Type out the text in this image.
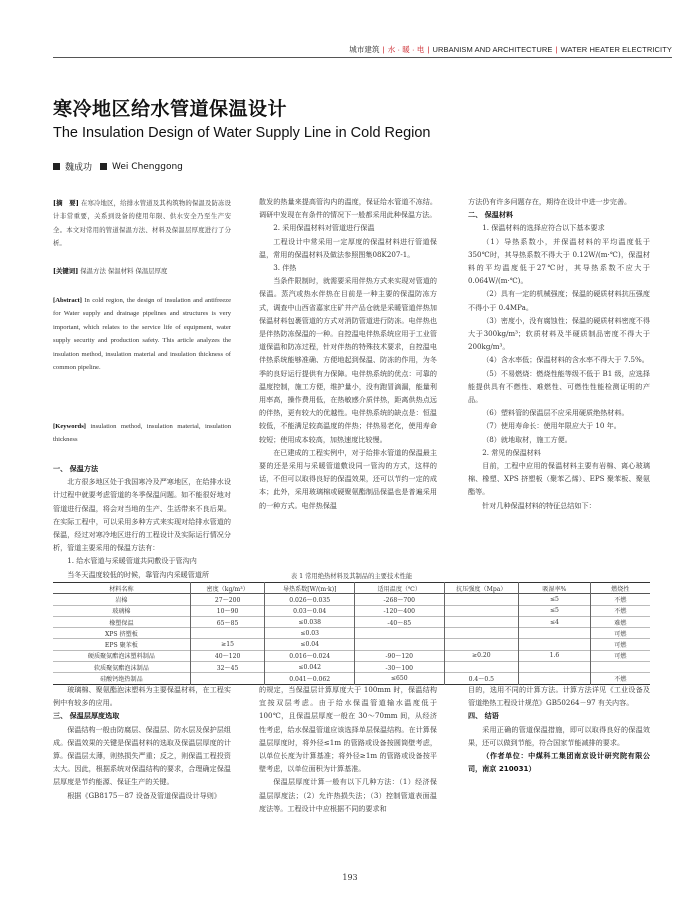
城市建筑 | 水 · 暖 · 电 | URBANISM AND ARCHITECTURE | WATER HEATER ELECTRICITY
寒冷地区给水管道保温设计
The Insulation Design of Water Supply Line in Cold Region
魏成功 Wei Chenggong
[摘　要] 在寒冷地区，给排水管道及其构筑物的保温及防冻设计非常重要，关系到设备的使用年限、供水安全乃至生产安全。本文对常用的管道保温方法、材料及保温层厚度进行了分析。
[关键词] 保温方法 保温材料 保温层厚度
[Abstract] In cold region, the design of insulation and antifreeze for Water supply and drainage pipelines and structures is very important, which relates to the service life of equipment, water supply security and production safety. This article analyzes the insulation method, insulation material and insulation thickness of common pipeline.
[Keywords] insulation method, insulation material, insulation thickness

一、 保温方法

北方很多地区处于我国寒冷及严寒地区，在给排水设计过程中就要考虑管道的冬季保温问题。如不能很好地对管道进行保温，将会对当地的生产、生活带来不良后果。在实际工程中，可以采用多种方式来实现对给排水管道的保温，经过对寒冷地区进行的工程设计及实际运行情况分析，管道主要采用的保温方法有：

1. 给水管道与采暖管道共同敷设于管沟内

当冬天温度较低的时候，靠管沟内采暖管道所

散发的热量来提高管沟内的温度，保证给水管道不冻结。调研中发现在有条件的情况下一般都采用此种保温方法。

2. 采用保温材料对管道进行保温

工程设计中常采用一定厚度的保温材料进行管道保温，常用的保温材料及做法参照图集08K207-1。

3. 伴热

当条件限制时，就需要采用伴热方式来实现对管道的保温。蒸汽或热水伴热在目前是一种主要的保温防冻方式，调查中山西省嘉家庄矿井产品仓就是采暖管道伴热加保温材料包裹管道的方式对消防管道进行防冻。电伴热也是伴热防冻保温的一种。自控温电伴热系统应用于工业管道保温和防冻过程，针对伴热的特殊技术要求，自控温电伴热系统能够准确、方便地起到保温、防冻的作用，为冬季的良好运行提供有力保障。电伴热系统的优点：可靠的温度控制，施工方便，维护量小，没有跑冒滴漏，能量利用率高，操作费用低，在热敏感介质伴热，距离供热点远的伴热，更有较大的优越性。电伴热系统的缺点是：恒温较低，不能满足较高温度的伴热；伴热易老化，使用寿命较短；使用成本较高，加热速度比较慢。

在已建成的工程实例中，对于给排水管道的保温最主要的还是采用与采暖管道敷设同一管沟的方式，这样的话，不但可以取得良好的保温效果，还可以节约一定的成本；此外，采用玻璃棉或硬聚氨酯制品保温也是普遍采用的一种方式。电伴热保温

方法仍有许多问题存在，期待在设计中进一步完善。

二、 保温材料

1. 保温材料的选择应符合以下基本要求

（1）导热系数小，并保温材料的平均温度低于350℃时，其导热系数不得大于 0.12W/(m·℃)，保温材料的平均温度低于27℃时，其导热系数不应大于 0.064W/(m·℃)。

（2）具有一定的机械强度；保温的硬质材料抗压强度不得小于 0.4MPa。

（3）密度小，没有腐蚀性；保温的硬质材料密度不得大于300kg/m³；软质材料及半硬质制品密度不得大于 200kg/m³。

（4）含水率低；保温材料的含水率不得大于 7.5%。

（5）不易燃烧：燃烧性能等级不低于 B1 级，应选择能提供具有不燃性、难燃性、可燃性性能检测证明的产品。

（6）塑料管的保温层不应采用硬质绝热材料。

（7）使用寿命长：使用年限应大于 10 年。

（8）就地取材，施工方便。

2. 常见的保温材料

目前，工程中应用的保温材料主要有岩棉、离心玻璃棉、橡塑、XPS 挤塑板（聚苯乙烯）、EPS 聚苯板、聚氨酯等。

针对几种保温材料的特征总结如下：

表 1 常用绝热材料及其制品的主要技术性能
材料名称	密度（kg/m³）	导热系数[W/(m·k)]	适用温度（℃）	抗压强度（Mpa）	吸湿率%	燃烧性
岩棉	27～200	0.026～0.035	-268～700		≤5	不燃
玻璃棉	10～90	0.03～0.04	-120～400		≤5	不燃
橡塑保温	65～85	≤0.038	-40～85		≤4	难燃
XPS 挤塑板		≤0.03				可燃
EPS 聚苯板	≥15	≤0.04				可燃
硬质聚氨酯泡沫塑料制品	40～120	0.016～0.024	-90～120	≥0.20	1.6	可燃
软质聚氨酯泡沫制品	32～45	≤0.042	-30～100			
硅酸钙绝热制品		0.041～0.062	≤650	0.4～0.5		不燃

玻璃棉、聚氨酯泡沫塑料为主要保温材料，在工程实例中有较多的应用。

三、 保温层厚度选取

保温结构一般由防腐层、保温层、防水层及保护层组成。保温效果的关键是保温材料的选取及保温层厚度的计算。保温层太薄，则热损失严重；反之，则保温工程投资太大。因此，根据系统对保温结构的要求，合理确定保温层厚度是节约能源、保证生产的关键。

根据《GB8175－87 设备及管道保温设计导则》

的规定，当保温层计算厚度大于 100mm 时，保温结构宜按双层考虑。由于给水保温管道输水温度低于 100℃，且保温层厚度一般在 30～70mm 间，从经济性考虑，给水保温管道应该选择单层保温结构。在计算保温层厚度时，将外径≤1m 的管路或设备按圆筒壁考虑，以单位长度为计算基准；将外径≥1m 的管路或设备按平壁考虑，以单位面积为计算基准。

保温层厚度计算一般有以下几种方法：（1）经济保温层厚度法；（2）允许热损失法；（3）控制管道表面温度法等。工程设计中应根据不同的要求和

目的，选用不同的计算方法。计算方法详见《工业设备及管道绝热工程设计规范》GB50264－97 有关内容。

四、 结语

采用正确的管道保温措施，即可以取得良好的保温效果，还可以做到节能，符合国家节能减排的要求。

（作者单位：中煤科工集团南京设计研究院有限公司，南京 210031）

193
